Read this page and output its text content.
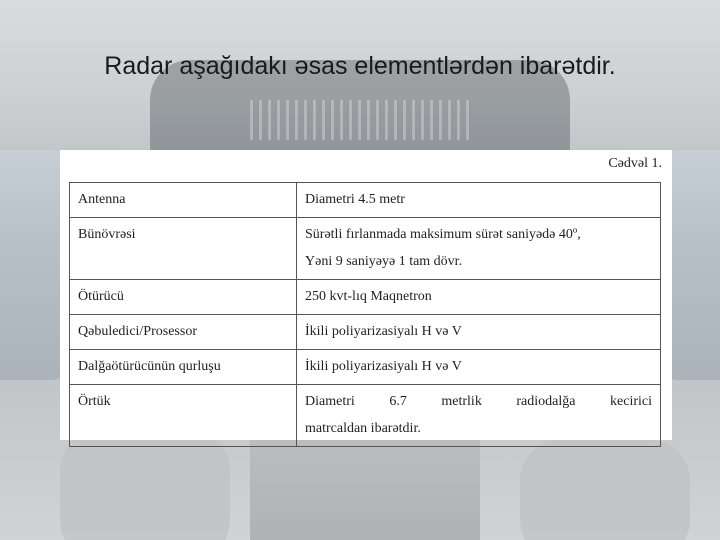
Radar aşağıdakı əsas elementlərdən ibarətdir.
Cədvəl 1.
Antenna	Diametri 4.5 metr

Bünövrəsi	Sürətli fırlanmada maksimum sürət saniyədə 40º,
Yəni 9 saniyəyə 1 tam dövr.

Ötürücü	250 kvt-lıq Maqnetron

Qəbuledici/Prosessor	İkili poliyarizasiyalı H və V

Dalğaötürücünün qurluşu	İkili poliyarizasiyalı H və V

Örtük	Diametri 6.7 metrlik radiodalğa kecirici
matrcaldan ibarətdir.
